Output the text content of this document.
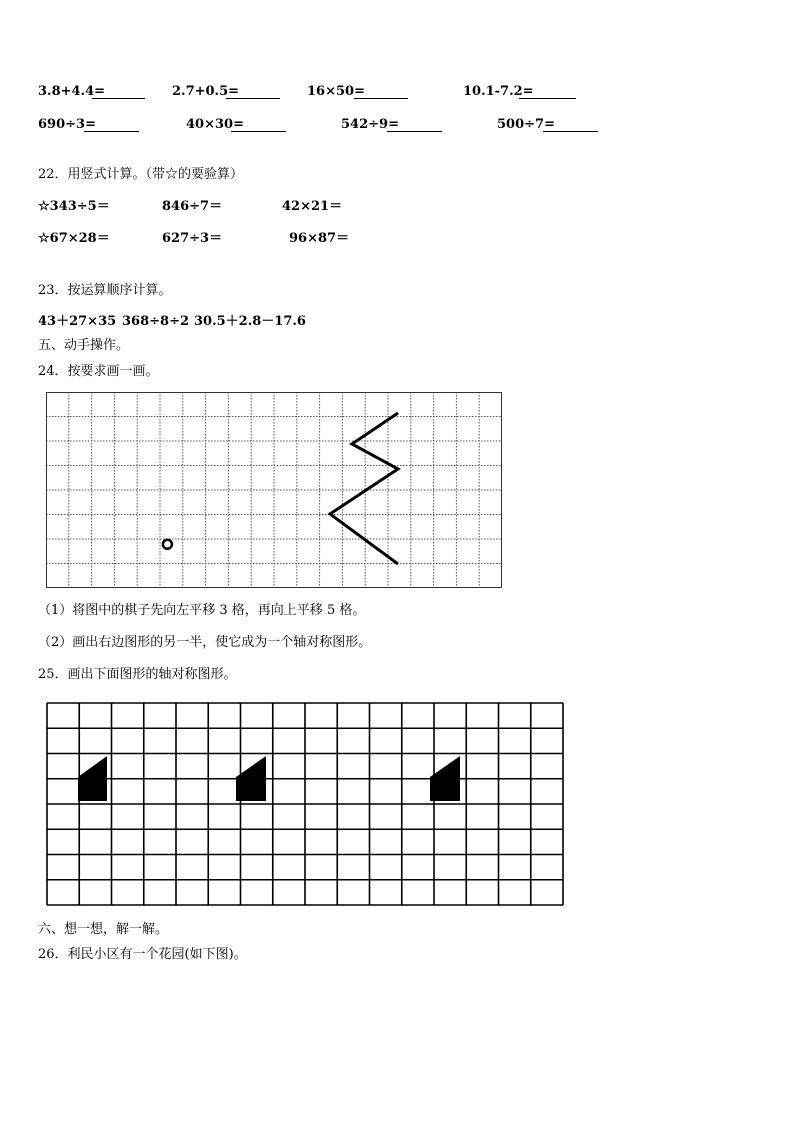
3.8+4.4=	2.7+0.5=	16×50=	10.1-7.2=
690÷3=	40×30=	542÷9=	500÷7=
22．用竖式计算。（带☆的要验算）
☆343÷5＝	846÷7＝	42×21＝
☆67×28＝	627÷3＝	96×87＝
23．按运算顺序计算。
43＋27×35 368÷8÷2 30.5＋2.8－17.6
五、动手操作。
24．按要求画一画。
（1）将图中的棋子先向左平移 3 格，再向上平移 5 格。
（2）画出右边图形的另一半，使它成为一个轴对称图形。
25．画出下面图形的轴对称图形。
六、想一想，解一解。
26．利民小区有一个花园(如下图)。
